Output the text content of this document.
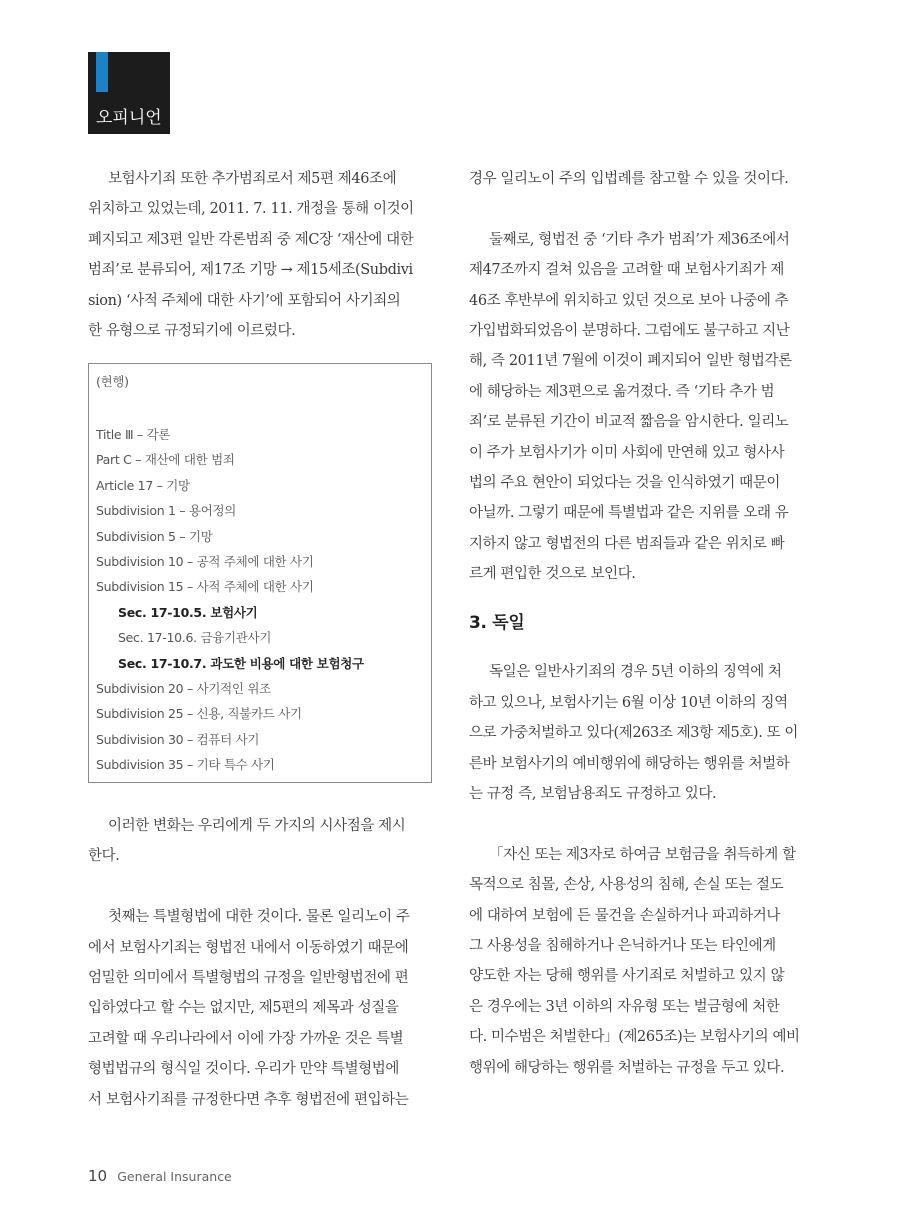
오피니언
보험사기죄 또한 추가범죄로서 제5편 제46조에
위치하고 있었는데, 2011. 7. 11. 개정을 통해 이것이
폐지되고 제3편 일반 각론범죄 중 제C장 ‘재산에 대한
범죄’로 분류되어, 제17조 기망 → 제15세조(Subdivi
sion) ‘사적 주체에 대한 사기’에 포함되어 사기죄의
한 유형으로 규정되기에 이르렀다.
(현행)
Title Ⅲ – 각론
Part C – 재산에 대한 범죄
Article 17 – 기망
Subdivision 1 – 용어정의
Subdivision 5 – 기망
Subdivision 10 – 공적 주체에 대한 사기
Subdivision 15 – 사적 주체에 대한 사기
Sec. 17-10.5. 보험사기
Sec. 17-10.6. 금융기관사기
Sec. 17-10.7. 과도한 비용에 대한 보험청구
Subdivision 20 – 사기적인 위조
Subdivision 25 – 신용, 직불카드 사기
Subdivision 30 – 컴퓨터 사기
Subdivision 35 – 기타 특수 사기
이러한 변화는 우리에게 두 가지의 시사점을 제시
한다.
첫째는 특별형법에 대한 것이다. 물론 일리노이 주
에서 보험사기죄는 형법전 내에서 이동하였기 때문에
엄밀한 의미에서 특별형법의 규정을 일반형법전에 편
입하였다고 할 수는 없지만, 제5편의 제목과 성질을
고려할 때 우리나라에서 이에 가장 가까운 것은 특별
형법법규의 형식일 것이다. 우리가 만약 특별형법에
서 보험사기죄를 규정한다면 추후 형법전에 편입하는
경우 일리노이 주의 입법례를 참고할 수 있을 것이다.
둘째로, 형법전 중 ‘기타 추가 범죄’가 제36조에서
제47조까지 걸쳐 있음을 고려할 때 보험사기죄가 제
46조 후반부에 위치하고 있던 것으로 보아 나중에 추
가입법화되었음이 분명하다. 그럼에도 불구하고 지난
해, 즉 2011년 7월에 이것이 폐지되어 일반 형법각론
에 해당하는 제3편으로 옮겨졌다. 즉 ‘기타 추가 범
죄’로 분류된 기간이 비교적 짧음을 암시한다. 일리노
이 주가 보험사기가 이미 사회에 만연해 있고 형사사
법의 주요 현안이 되었다는 것을 인식하였기 때문이
아닐까. 그렇기 때문에 특별법과 같은 지위를 오래 유
지하지 않고 형법전의 다른 범죄들과 같은 위치로 빠
르게 편입한 것으로 보인다.
3. 독일
독일은 일반사기죄의 경우 5년 이하의 징역에 처
하고 있으나, 보험사기는 6월 이상 10년 이하의 징역
으로 가중처벌하고 있다(제263조 제3항 제5호). 또 이
른바 보험사기의 예비행위에 해당하는 행위를 처벌하
는 규정 즉, 보험남용죄도 규정하고 있다.
「자신 또는 제3자로 하여금 보험금을 취득하게 할
목적으로 침몰, 손상, 사용성의 침해, 손실 또는 절도
에 대하여 보험에 든 물건을 손실하거나 파괴하거나
그 사용성을 침해하거나 은닉하거나 또는 타인에게
양도한 자는 당해 행위를 사기죄로 처벌하고 있지 않
은 경우에는 3년 이하의 자유형 또는 벌금형에 처한
다. 미수범은 처벌한다」(제265조)는 보험사기의 예비
행위에 해당하는 행위를 처벌하는 규정을 두고 있다.
10 General Insurance
